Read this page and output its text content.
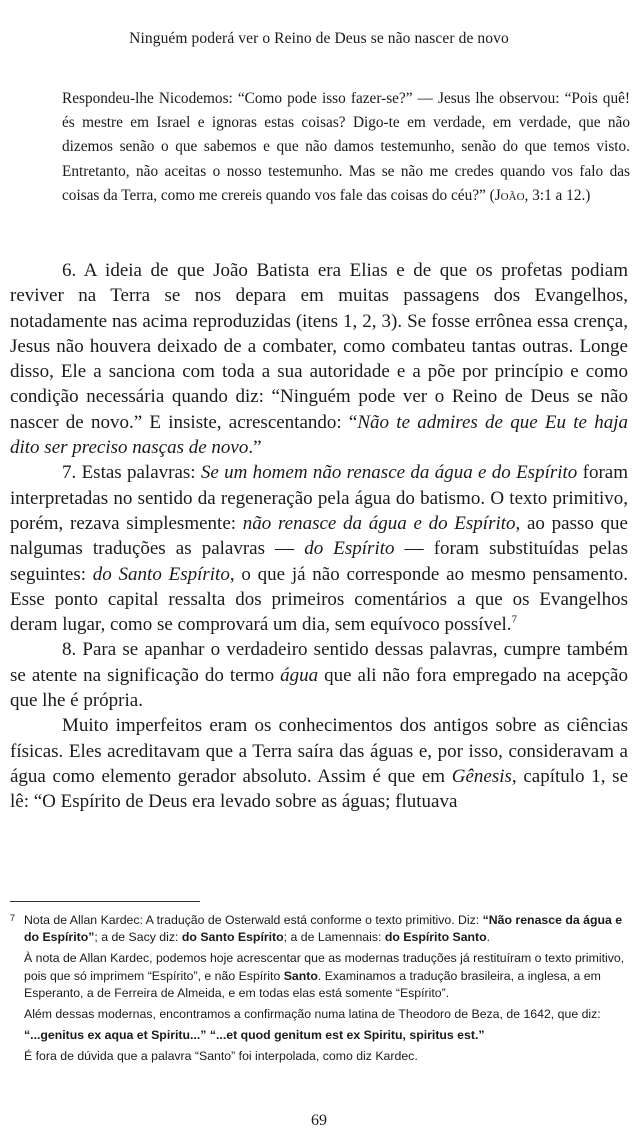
Ninguém poderá ver o Reino de Deus se não nascer de novo

Respondeu-lhe Nicodemos: “Como pode isso fazer-se?” — Jesus lhe observou: “Pois quê! és mestre em Israel e ignoras estas coisas? Digo-te em verdade, em verdade, que não dizemos senão o que sabemos e que não damos testemunho, senão do que temos visto. Entretanto, não aceitas o nosso testemunho. Mas se não me credes quando vos falo das coisas da Terra, como me crereis quando vos fale das coisas do céu?” (João, 3:1 a 12.)

6. A ideia de que João Batista era Elias e de que os profetas podiam reviver na Terra se nos depara em muitas passagens dos Evangelhos, notadamente nas acima reproduzidas (itens 1, 2, 3). Se fosse errônea essa crença, Jesus não houvera deixado de a combater, como combateu tantas outras. Longe disso, Ele a sanciona com toda a sua autoridade e a põe por princípio e como condição necessária quando diz: “Ninguém pode ver o Reino de Deus se não nascer de novo.” E insiste, acrescentando: “Não te admires de que Eu te haja dito ser preciso nasças de novo.”

7. Estas palavras: Se um homem não renasce da água e do Espírito foram interpretadas no sentido da regeneração pela água do batismo. O texto primitivo, porém, rezava simplesmente: não renasce da água e do Espírito, ao passo que nalgumas traduções as palavras — do Espírito — foram substituídas pelas seguintes: do Santo Espírito, o que já não corresponde ao mesmo pensamento. Esse ponto capital ressalta dos primeiros comentários a que os Evangelhos deram lugar, como se comprovará um dia, sem equívoco possível.$^7$

8. Para se apanhar o verdadeiro sentido dessas palavras, cumpre também se atente na significação do termo água que ali não fora empregado na acepção que lhe é própria.

Muito imperfeitos eram os conhecimentos dos antigos sobre as ciências físicas. Eles acreditavam que a Terra saíra das águas e, por isso, consideravam a água como elemento gerador absoluto. Assim é que em Gênesis, capítulo 1, se lê: “O Espírito de Deus era levado sobre as águas; flutuava

7 Nota de Allan Kardec: A tradução de Osterwald está conforme o texto primitivo. Diz: “Não renasce da água e do Espírito”; a de Sacy diz: do Santo Espírito; a de Lamennais: do Espírito Santo.

À nota de Allan Kardec, podemos hoje acrescentar que as modernas traduções já restituíram o texto primitivo, pois que só imprimem “Espírito”, e não Espírito Santo. Examinamos a tradução brasileira, a inglesa, a em Esperanto, a de Ferreira de Almeida, e em todas elas está somente “Espírito”.

Além dessas modernas, encontramos a confirmação numa latina de Theodoro de Beza, de 1642, que diz:

“...genitus ex aqua et Spiritu...” “...et quod genitum est ex Spiritu, spiritus est.”

É fora de dúvida que a palavra “Santo” foi interpolada, como diz Kardec.

69
